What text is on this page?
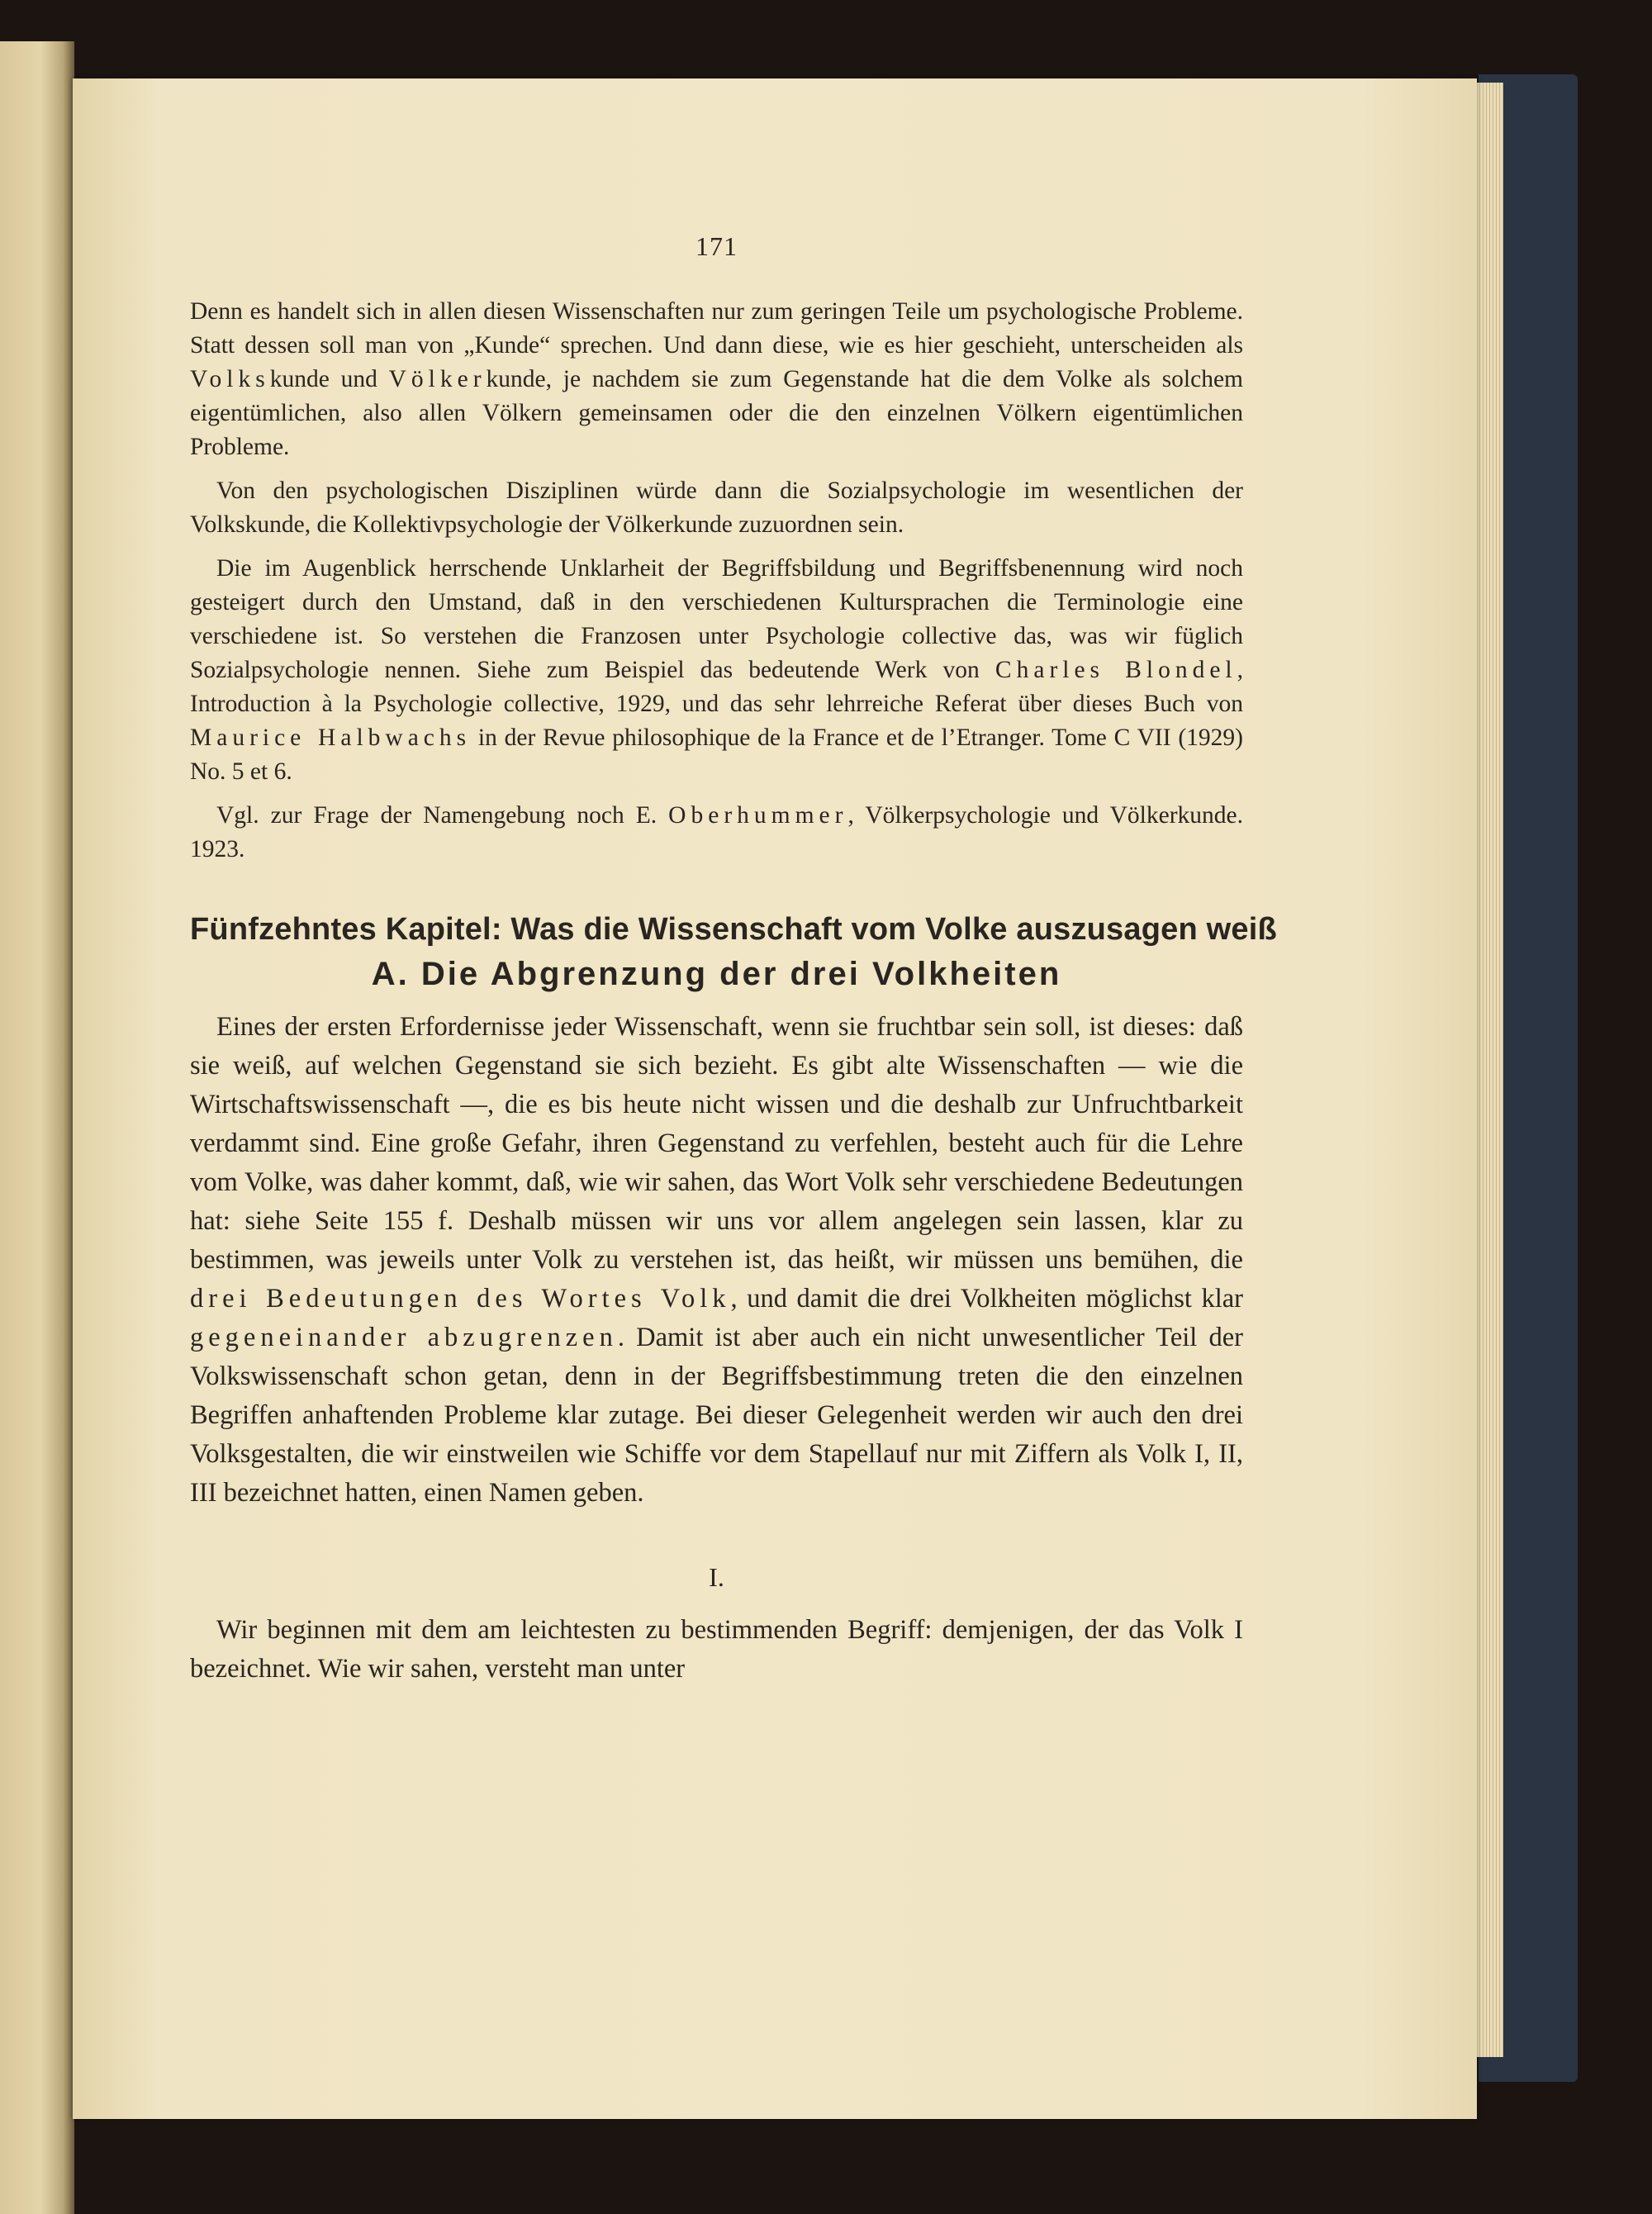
171

Denn es handelt sich in allen diesen Wissenschaften nur zum geringen Teile um psychologische Probleme. Statt dessen soll man von „Kunde“ sprechen. Und dann diese, wie es hier geschieht, unterscheiden als Volkskunde und Völkerkunde, je nachdem sie zum Gegenstande hat die dem Volke als solchem eigentümlichen, also allen Völkern gemeinsamen oder die den einzelnen Völkern eigentümlichen Probleme.

Von den psychologischen Disziplinen würde dann die Sozialpsychologie im wesentlichen der Volkskunde, die Kollektivpsychologie der Völkerkunde zuzuordnen sein.

Die im Augenblick herrschende Unklarheit der Begriffsbildung und Begriffsbenennung wird noch gesteigert durch den Umstand, daß in den verschiedenen Kultursprachen die Terminologie eine verschiedene ist. So verstehen die Franzosen unter Psychologie collective das, was wir füglich Sozialpsychologie nennen. Siehe zum Beispiel das bedeutende Werk von Charles Blondel, Introduction à la Psychologie collective, 1929, und das sehr lehrreiche Referat über dieses Buch von Maurice Halbwachs in der Revue philosophique de la France et de l’Etranger. Tome C VII (1929) No. 5 et 6.

Vgl. zur Frage der Namengebung noch E. Oberhummer, Völkerpsychologie und Völkerkunde. 1923.

Fünfzehntes Kapitel: Was die Wissenschaft vom Volke auszusagen weiß
A. Die Abgrenzung der drei Volkheiten

Eines der ersten Erfordernisse jeder Wissenschaft, wenn sie fruchtbar sein soll, ist dieses: daß sie weiß, auf welchen Gegenstand sie sich bezieht. Es gibt alte Wissenschaften — wie die Wirtschaftswissenschaft —, die es bis heute nicht wissen und die deshalb zur Unfruchtbarkeit verdammt sind. Eine große Gefahr, ihren Gegenstand zu verfehlen, besteht auch für die Lehre vom Volke, was daher kommt, daß, wie wir sahen, das Wort Volk sehr verschiedene Bedeutungen hat: siehe Seite 155 f. Deshalb müssen wir uns vor allem angelegen sein lassen, klar zu bestimmen, was jeweils unter Volk zu verstehen ist, das heißt, wir müssen uns bemühen, die drei Bedeutungen des Wortes Volk, und damit die drei Volkheiten möglichst klar gegeneinander abzugrenzen. Damit ist aber auch ein nicht unwesentlicher Teil der Volkswissenschaft schon getan, denn in der Begriffsbestimmung treten die den einzelnen Begriffen anhaftenden Probleme klar zutage. Bei dieser Gelegenheit werden wir auch den drei Volksgestalten, die wir einstweilen wie Schiffe vor dem Stapellauf nur mit Ziffern als Volk I, II, III bezeichnet hatten, einen Namen geben.

I.

Wir beginnen mit dem am leichtesten zu bestimmenden Begriff: demjenigen, der das Volk I bezeichnet. Wie wir sahen, versteht man unter
